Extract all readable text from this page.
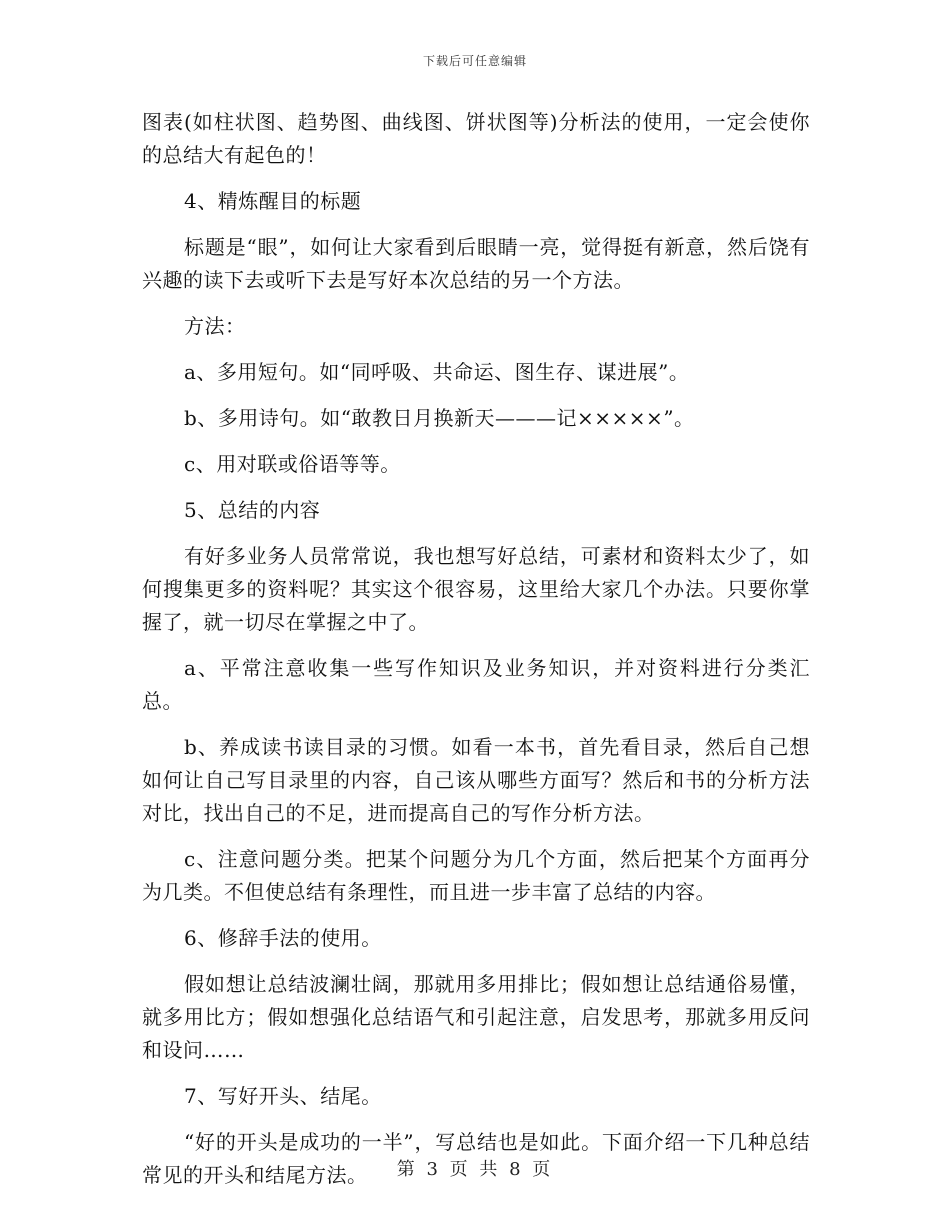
下载后可任意编辑

图表(如柱状图、趋势图、曲线图、饼状图等)分析法的使用，一定会使你的总结大有起色的！

4、精炼醒目的标题

标题是“眼”，如何让大家看到后眼睛一亮，觉得挺有新意，然后饶有兴趣的读下去或听下去是写好本次总结的另一个方法。

方法：

a、多用短句。如“同呼吸、共命运、图生存、谋进展”。

b、多用诗句。如“敢教日月换新天———记×××××”。

c、用对联或俗语等等。

5、总结的内容

有好多业务人员常常说，我也想写好总结，可素材和资料太少了，如何搜集更多的资料呢？其实这个很容易，这里给大家几个办法。只要你掌握了，就一切尽在掌握之中了。

a、平常注意收集一些写作知识及业务知识，并对资料进行分类汇总。

b、养成读书读目录的习惯。如看一本书，首先看目录，然后自己想如何让自己写目录里的内容，自己该从哪些方面写？然后和书的分析方法对比，找出自己的不足，进而提高自己的写作分析方法。

c、注意问题分类。把某个问题分为几个方面，然后把某个方面再分为几类。不但使总结有条理性，而且进一步丰富了总结的内容。

6、修辞手法的使用。

假如想让总结波澜壮阔，那就用多用排比；假如想让总结通俗易懂，就多用比方；假如想强化总结语气和引起注意，启发思考，那就多用反问和设问……

7、写好开头、结尾。

“好的开头是成功的一半”，写总结也是如此。下面介绍一下几种总结常见的开头和结尾方法。	第 3 页 共 8 页
